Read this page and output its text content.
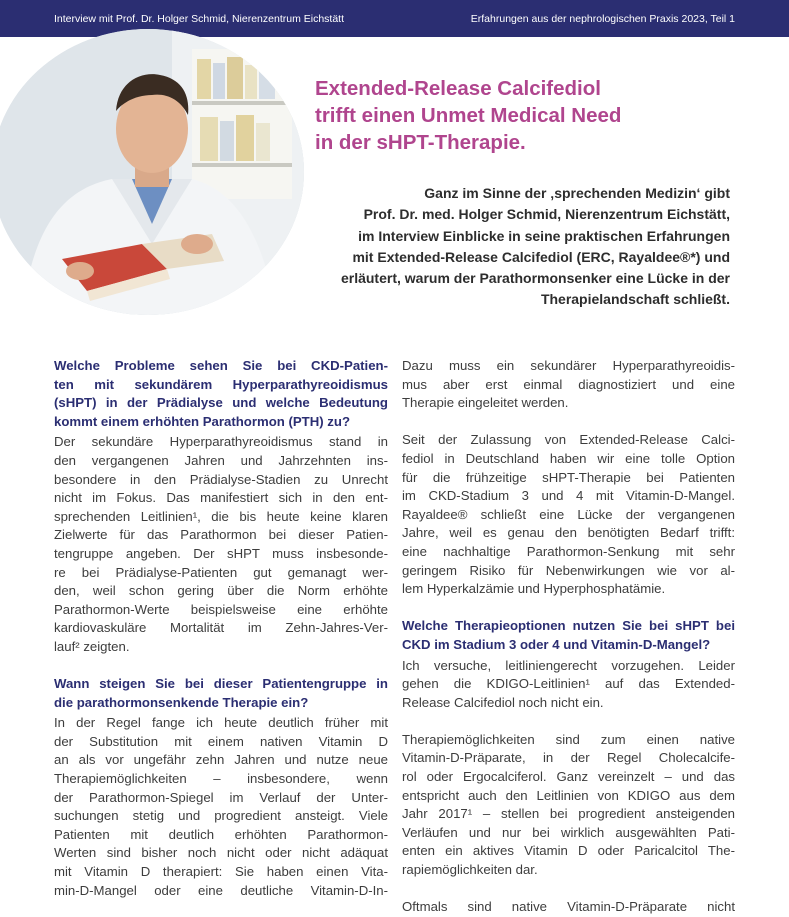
Interview mit Prof. Dr. Holger Schmid, Nierenzentrum Eichstätt	Erfahrungen aus der nephrologischen Praxis 2023, Teil 1
Extended-Release Calcifediol
trifft einen Unmet Medical Need
in der sHPT-Therapie.
Ganz im Sinne der ‚sprechenden Medizin‘ gibt
Prof. Dr. med. Holger Schmid, Nierenzentrum Eichstätt,
im Interview Einblicke in seine praktischen Erfahrungen
mit Extended-Release Calcifediol (ERC, Rayaldee®*) und
erläutert, warum der Parathormonsenker eine Lücke in der
Therapielandschaft schließt.
Welche Probleme sehen Sie bei CKD-Patien-
ten mit sekundärem Hyperparathyreoidismus
(sHPT) in der Prädialyse und welche Bedeutung
kommt einem erhöhten Parathormon (PTH) zu?

Der sekundäre Hyperparathyreoidismus stand in
den vergangenen Jahren und Jahrzehnten ins-
besondere in den Prädialyse-Stadien zu Unrecht
nicht im Fokus. Das manifestiert sich in den ent-
sprechenden Leitlinien¹, die bis heute keine klaren
Zielwerte für das Parathormon bei dieser Patien-
tengruppe angeben. Der sHPT muss insbesonde-
re bei Prädialyse-Patienten gut gemanagt wer-
den, weil schon gering über die Norm erhöhte
Parathormon-Werte beispielsweise eine erhöhte
kardiovaskuläre Mortalität im Zehn-Jahres-Ver-
lauf² zeigten.

Wann steigen Sie bei dieser Patientengruppe in
die parathormonsenkende Therapie ein?

In der Regel fange ich heute deutlich früher mit
der Substitution mit einem nativen Vitamin D
an als vor ungefähr zehn Jahren und nutze neue
Therapiemöglichkeiten – insbesondere, wenn
der Parathormon-Spiegel im Verlauf der Unter-
suchungen stetig und progredient ansteigt. Viele
Patienten mit deutlich erhöhten Parathormon-
Werten sind bisher noch nicht oder nicht adäquat
mit Vitamin D therapiert: Sie haben einen Vita-
min-D-Mangel oder eine deutliche Vitamin-D-In-

Dazu muss ein sekundärer Hyperparathyreoidis-
mus aber erst einmal diagnostiziert und eine
Therapie eingeleitet werden.

Seit der Zulassung von Extended-Release Calci-
fediol in Deutschland haben wir eine tolle Option
für die frühzeitige sHPT-Therapie bei Patienten
im CKD-Stadium 3 und 4 mit Vitamin-D-Mangel.
Rayaldee® schließt eine Lücke der vergangenen
Jahre, weil es genau den benötigten Bedarf trifft:
eine nachhaltige Parathormon-Senkung mit sehr
geringem Risiko für Nebenwirkungen wie vor al-
lem Hyperkalzämie und Hyperphosphatämie.

Welche Therapieoptionen nutzen Sie bei sHPT bei
CKD im Stadium 3 oder 4 und Vitamin-D-Mangel?

Ich versuche, leitliniengerecht vorzugehen. Leider
gehen die KDIGO-Leitlinien¹ auf das Extended-
Release Calcifediol noch nicht ein.

Therapiemöglichkeiten sind zum einen native
Vitamin-D-Präparate, in der Regel Cholecalcife-
rol oder Ergocalciferol. Ganz vereinzelt – und das
entspricht auch den Leitlinien von KDIGO aus dem
Jahr 2017¹ – stellen bei progredient ansteigenden
Verläufen und nur bei wirklich ausgewählten Pati-
enten ein aktives Vitamin D oder Paricalcitol The-
rapiemöglichkeiten dar.

Oftmals sind native Vitamin-D-Präparate nicht
